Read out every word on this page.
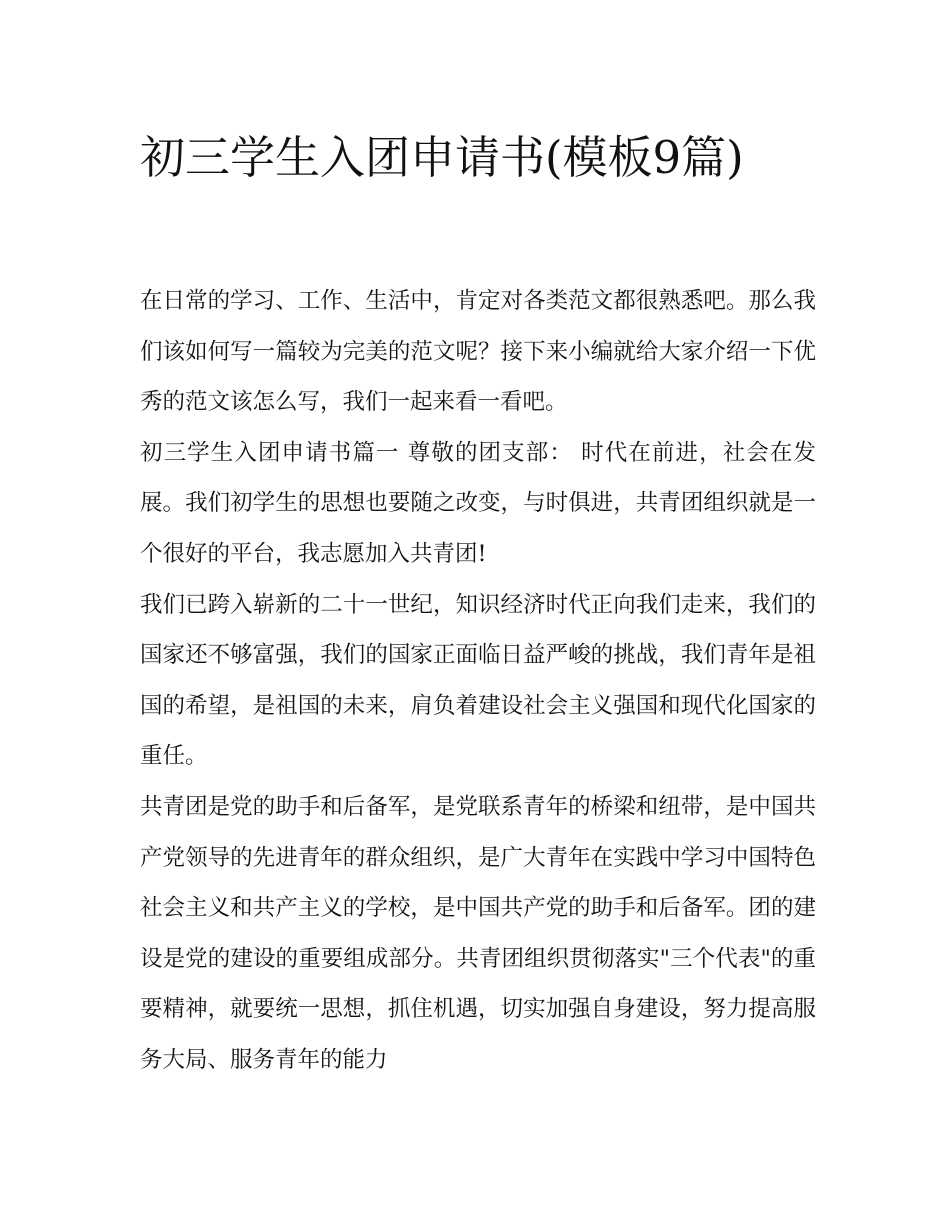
初三学生入团申请书(模板9篇)

在日常的学习、工作、生活中，肯定对各类范文都很熟悉吧。那么我们该如何写一篇较为完美的范文呢？接下来小编就给大家介绍一下优秀的范文该怎么写，我们一起来看一看吧。

初三学生入团申请书篇一 尊敬的团支部： 时代在前进，社会在发展。我们初学生的思想也要随之改变，与时俱进，共青团组织就是一个很好的平台，我志愿加入共青团!

我们已跨入崭新的二十一世纪，知识经济时代正向我们走来，我们的国家还不够富强，我们的国家正面临日益严峻的挑战，我们青年是祖国的希望，是祖国的未来，肩负着建设社会主义强国和现代化国家的重任。

共青团是党的助手和后备军，是党联系青年的桥梁和纽带，是中国共产党领导的先进青年的群众组织，是广大青年在实践中学习中国特色社会主义和共产主义的学校，是中国共产党的助手和后备军。团的建设是党的建设的重要组成部分。共青团组织贯彻落实"三个代表"的重要精神，就要统一思想，抓住机遇，切实加强自身建设，努力提高服务大局、服务青年的能力
